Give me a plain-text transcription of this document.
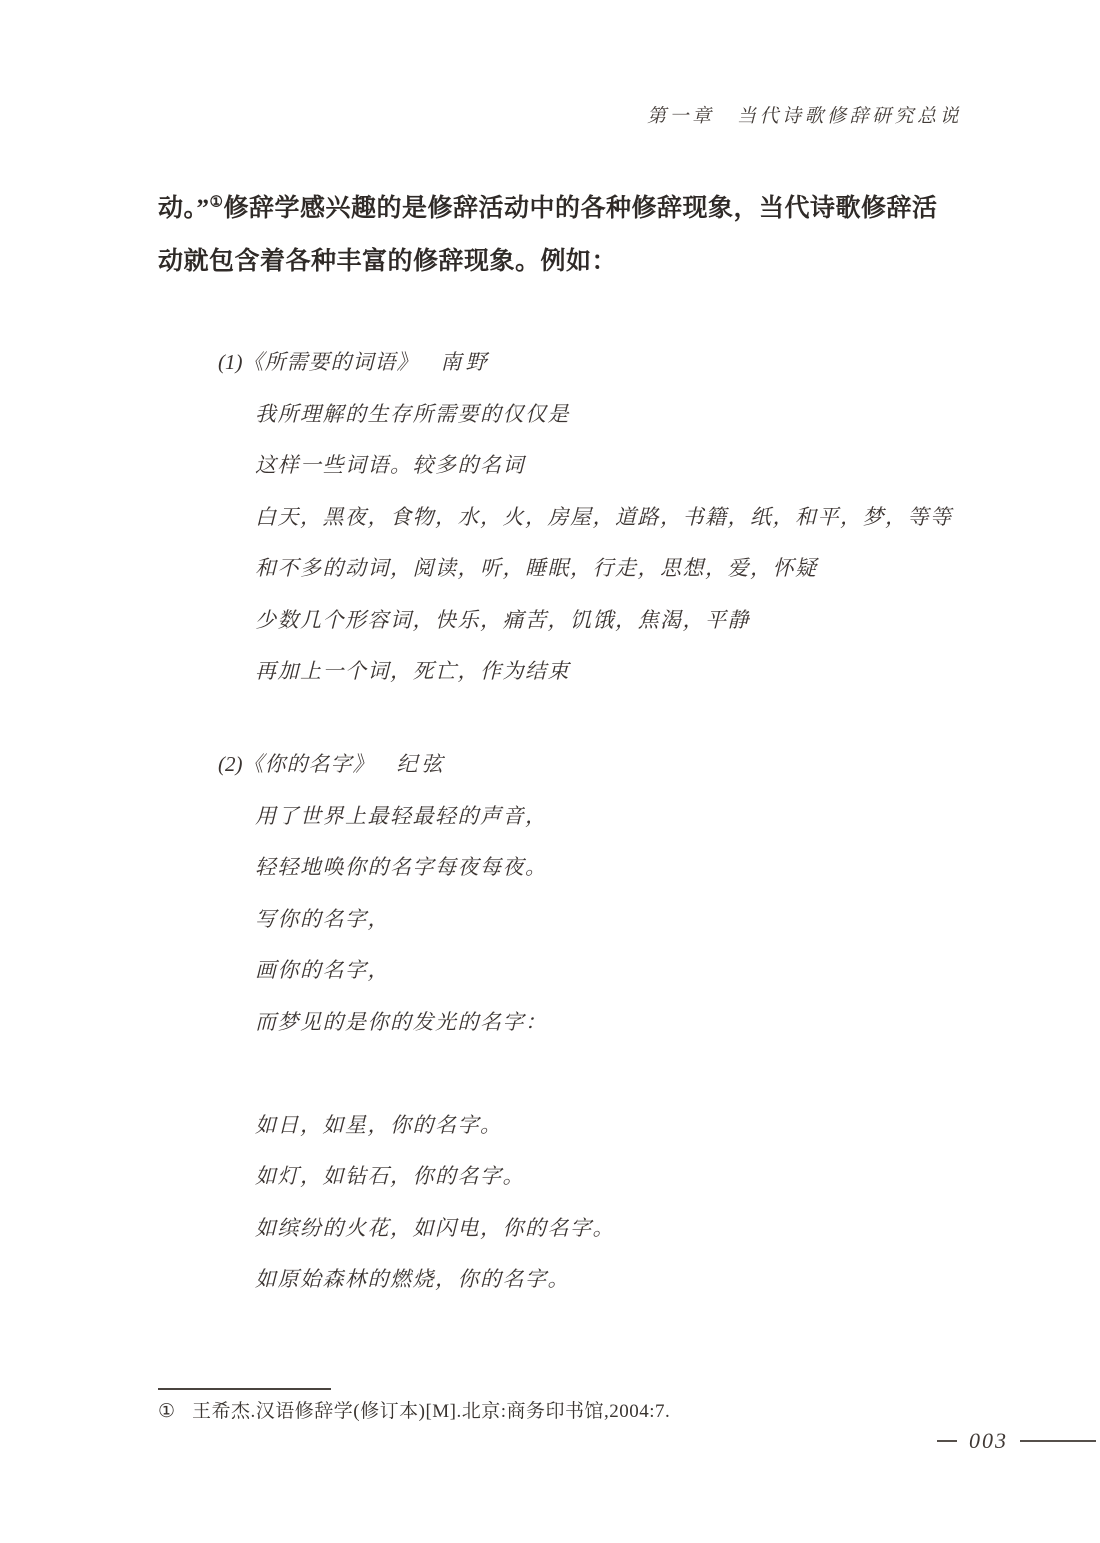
第一章　当代诗歌修辞研究总说
动。”①修辞学感兴趣的是修辞活动中的各种修辞现象，当代诗歌修辞活
动就包含着各种丰富的修辞现象。例如：
(1)《所需要的词语》 南野
我所理解的生存所需要的仅仅是
这样一些词语。较多的名词
白天，黑夜，食物，水，火，房屋，道路，书籍，纸，和平，梦，等等
和不多的动词，阅读，听，睡眠，行走，思想，爱，怀疑
少数几个形容词，快乐，痛苦，饥饿，焦渴，平静
再加上一个词，死亡，作为结束
(2)《你的名字》 纪弦
用了世界上最轻最轻的声音，
轻轻地唤你的名字每夜每夜。
写你的名字，
画你的名字，
而梦见的是你的发光的名字：
如日，如星，你的名字。
如灯，如钻石，你的名字。
如缤纷的火花，如闪电，你的名字。
如原始森林的燃烧，你的名字。
① 王希杰.汉语修辞学(修订本)[M].北京:商务印书馆,2004:7.
003
